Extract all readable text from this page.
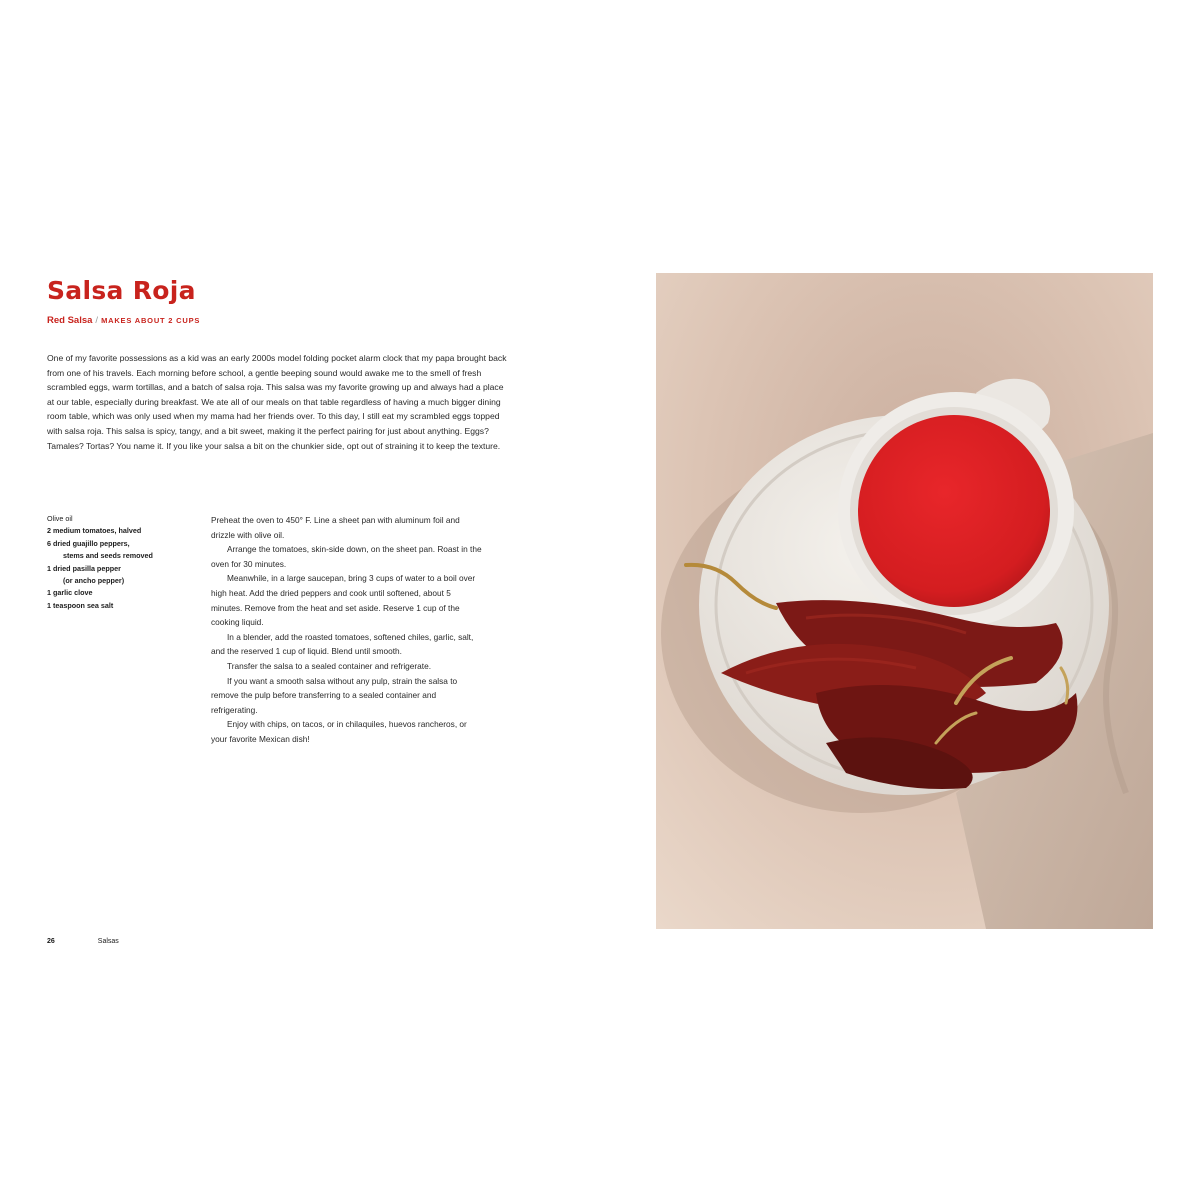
Salsa Roja
Red Salsa / MAKES ABOUT 2 CUPS

One of my favorite possessions as a kid was an early 2000s model folding pocket alarm clock that my papa brought back from one of his travels. Each morning before school, a gentle beeping sound would awake me to the smell of fresh scrambled eggs, warm tortillas, and a batch of salsa roja. This salsa was my favorite growing up and always had a place at our table, especially during breakfast. We ate all of our meals on that table regardless of having a much bigger dining room table, which was only used when my mama had her friends over. To this day, I still eat my scrambled eggs topped with salsa roja. This salsa is spicy, tangy, and a bit sweet, making it the perfect pairing for just about anything. Eggs? Tamales? Tortas? You name it. If you like your salsa a bit on the chunkier side, opt out of straining it to keep the texture.

Olive oil
2 medium tomatoes, halved
6 dried guajillo peppers,
stems and seeds removed
1 dried pasilla pepper
(or ancho pepper)
1 garlic clove
1 teaspoon sea salt

Preheat the oven to 450° F. Line a sheet pan with aluminum foil and drizzle with olive oil.

Arrange the tomatoes, skin-side down, on the sheet pan. Roast in the oven for 30 minutes.

Meanwhile, in a large saucepan, bring 3 cups of water to a boil over high heat. Add the dried peppers and cook until softened, about 5 minutes. Remove from the heat and set aside. Reserve 1 cup of the cooking liquid.

In a blender, add the roasted tomatoes, softened chiles, garlic, salt, and the reserved 1 cup of liquid. Blend until smooth.

Transfer the salsa to a sealed container and refrigerate.

If you want a smooth salsa without any pulp, strain the salsa to remove the pulp before transferring to a sealed container and refrigerating.

Enjoy with chips, on tacos, or in chilaquiles, huevos rancheros, or your favorite Mexican dish!

26	Salsas
